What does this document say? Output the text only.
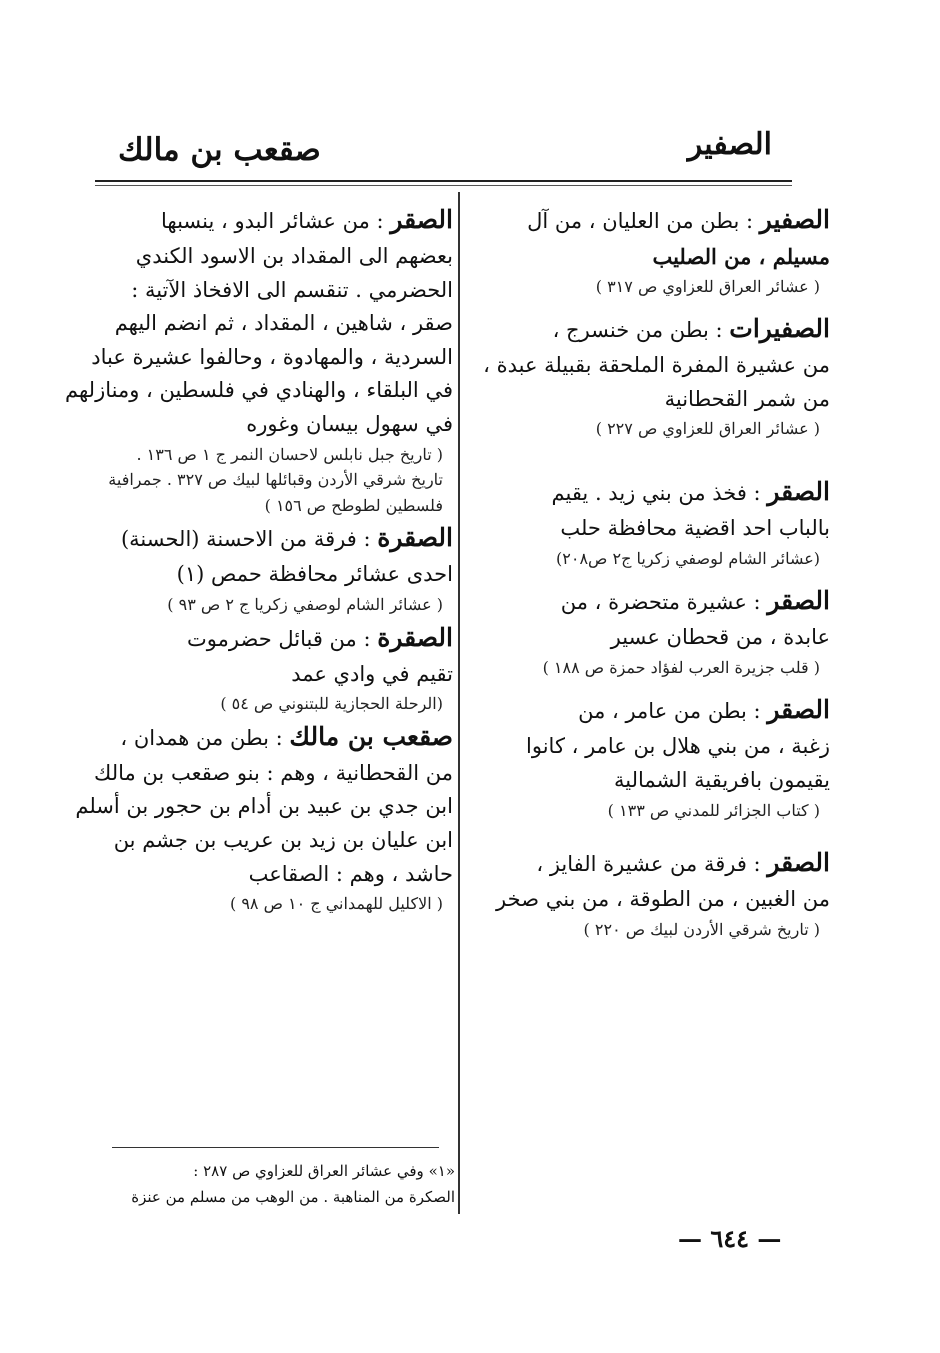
الصفير
صقعب بن مالك
الصفير : بطن من العليان ، من آل
مسيلم ، من الصليب
( عشائر العراق للعزاوي ص ٣١٧ )
الصفيرات : بطن من خنسرج ،
من عشيرة المفرة الملحقة بقبيلة عبدة ،
من شمر القحطانية
( عشائر العراق للعزاوي ص ٢٢٧ )
الصقر : فخذ من بني زيد . يقيم
بالباب احد اقضية محافظة حلب
(عشائر الشام لوصفي زكريا ج٢ ص٢٠٨)
الصقر : عشيرة متحضرة ، من
عابدة ، من قحطان عسير
( قلب جزيرة العرب لفؤاد حمزة ص ١٨٨ )
الصقر : بطن من عامر ، من
زغبة ، من بني هلال بن عامر ، كانوا
يقيمون بافريقية الشمالية
( كتاب الجزائر للمدني ص ١٣٣ )
الصقر : فرقة من عشيرة الفايز ،
من الغبين ، من الطوقة ، من بني صخر
( تاريخ شرقي الأردن لبيك ص ٢٢٠ )
الصقر : من عشائر البدو ، ينسبها
بعضهم الى المقداد بن الاسود الكندي
الحضرمي . تنقسم الى الافخاذ الآتية :
صقر ، شاهين ، المقداد ، ثم انضم اليهم
السردية ، والمهادوة ، وحالفوا عشيرة عباد
في البلقاء ، والهنادي في فلسطين ، ومنازلهم
في سهول بيسان وغوره
( تاريخ جبل نابلس لاحسان النمر ج ١ ص ١٣٦ .
تاريخ شرقي الأردن وقبائلها لبيك ص ٣٢٧ . جمرافية
فلسطين لطوطح ص ١٥٦ )
الصقرة : فرقة من الاحسنة (الحسنة)
احدى عشائر محافظة حمص (١)
( عشائر الشام لوصفي زكريا ج ٢ ص ٩٣ )
الصقرة : من قبائل حضرموت
تقيم في وادي عمد
(الرحلة الحجازية للبتنوني ص ٥٤ )
صقعب بن مالك : بطن من همدان ،
من القحطانية ، وهم : بنو صقعب بن مالك
ابن جدي بن عبيد بن أدام بن حجور بن أسلم
ابن عليان بن زيد بن عريب بن جشم بن
حاشد ، وهم : الصقاعب
( الاكليل للهمداني ج ١٠ ص ٩٨ )
«١» وفي عشائر العراق للعزاوي ص ٢٨٧ :
الصكرة من المناهبة . من الوهب من مسلم من عنزة
— ٦٤٤ —
